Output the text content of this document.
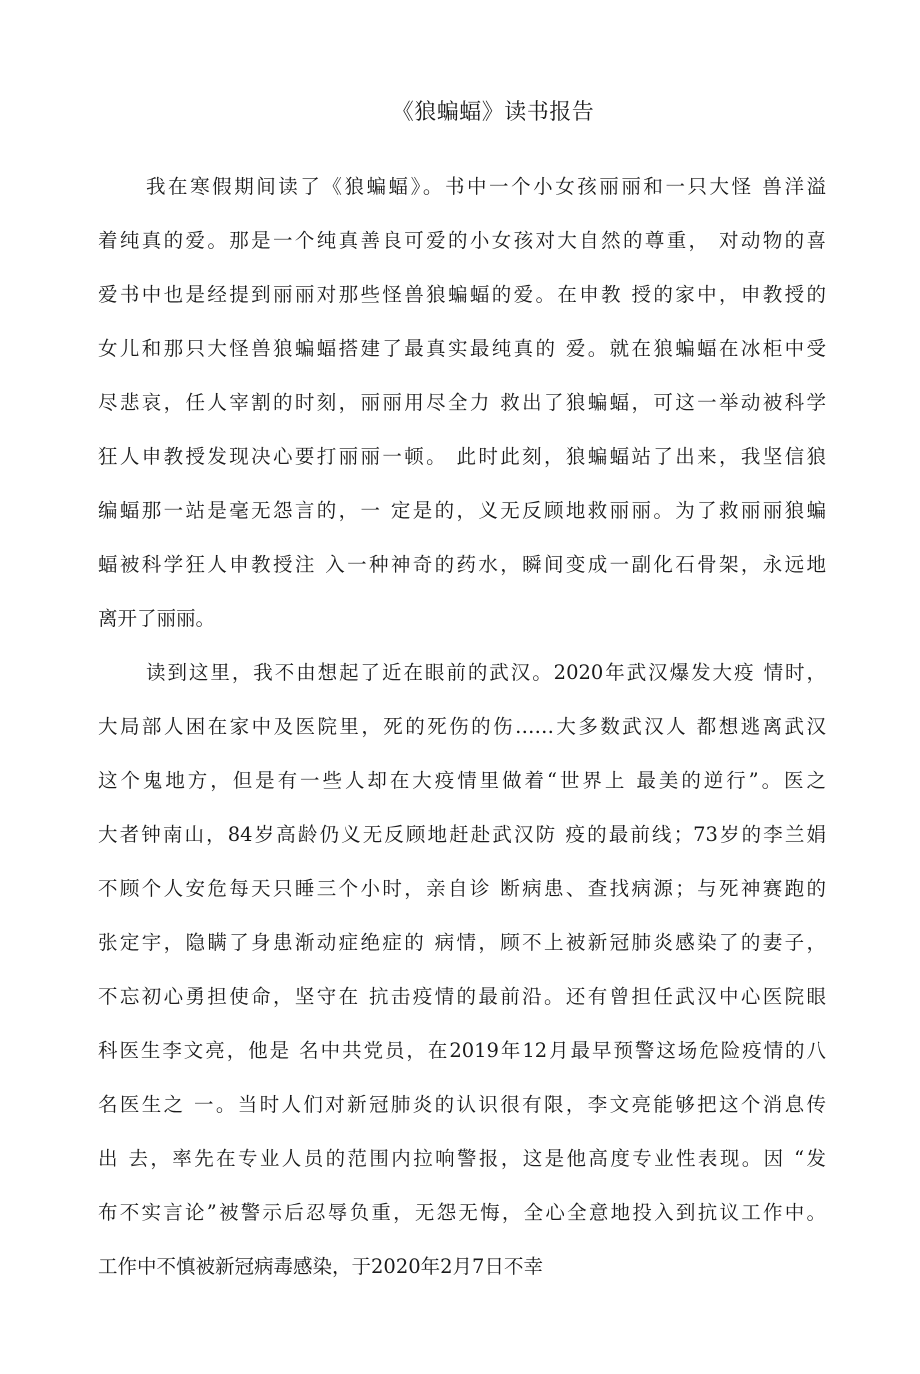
《狼蝙蝠》读书报告
我在寒假期间读了《狼蝙蝠》。书中一个小女孩丽丽和一只大怪 兽洋溢
着纯真的爱。那是一个纯真善良可爱的小女孩对大自然的尊重， 对动物的喜
爱书中也是经提到丽丽对那些怪兽狼蝙蝠的爱。在申教 授的家中，申教授的
女儿和那只大怪兽狼蝙蝠搭建了最真实最纯真的 爱。就在狼蝙蝠在冰柜中受
尽悲哀，任人宰割的时刻，丽丽用尽全力 救出了狼蝙蝠，可这一举动被科学
狂人申教授发现决心要打丽丽一顿。 此时此刻，狼蝙蝠站了出来，我坚信狼
编蝠那一站是毫无怨言的，一 定是的，义无反顾地救丽丽。为了救丽丽狼蝙
蝠被科学狂人申教授注 入一种神奇的药水，瞬间变成一副化石骨架，永远地
离开了丽丽。
读到这里，我不由想起了近在眼前的武汉。2020年武汉爆发大疫 情时，
大局部人困在家中及医院里，死的死伤的伤……大多数武汉人 都想逃离武汉
这个鬼地方，但是有一些人却在大疫情里做着“世界上 最美的逆行”。医之
大者钟南山，84岁高龄仍义无反顾地赶赴武汉防 疫的最前线；73岁的李兰娟
不顾个人安危每天只睡三个小时，亲自诊 断病患、查找病源；与死神赛跑的
张定宇，隐瞒了身患渐动症绝症的 病情，顾不上被新冠肺炎感染了的妻子，
不忘初心勇担使命，坚守在 抗击疫情的最前沿。还有曾担任武汉中心医院眼
科医生李文亮，他是 名中共党员，在2019年12月最早预警这场危险疫情的八
名医生之 一。当时人们对新冠肺炎的认识很有限，李文亮能够把这个消息传
出 去，率先在专业人员的范围内拉响警报，这是他高度专业性表现。因 “发
布不实言论”被警示后忍辱负重，无怨无悔，全心全意地投入到抗议工作中。
工作中不慎被新冠病毒感染，于2020年2月7日不幸
